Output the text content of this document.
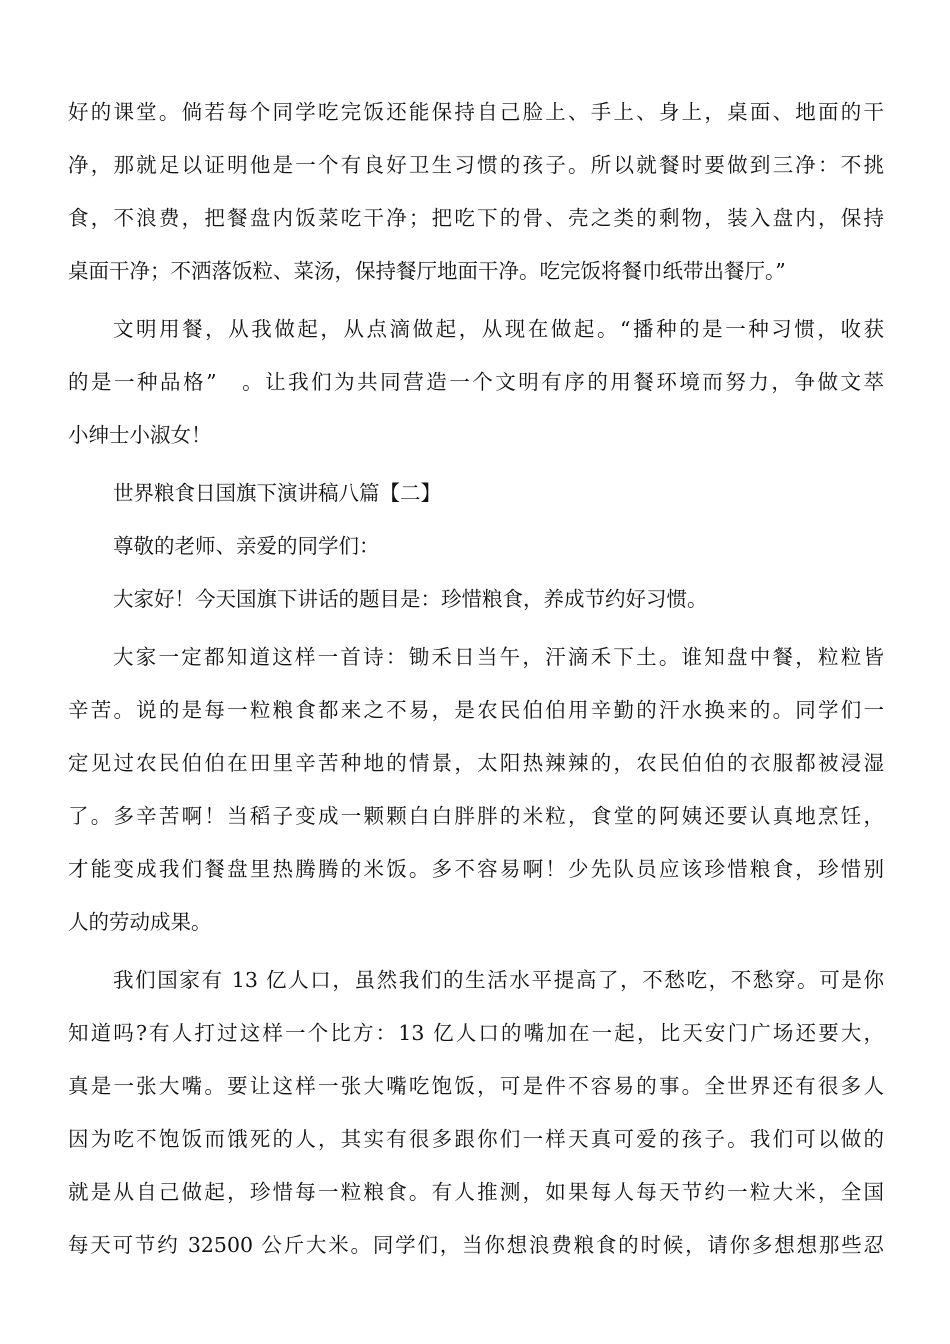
好的课堂。倘若每个同学吃完饭还能保持自己脸上、手上、身上，桌面、地面的干
净，那就足以证明他是一个有良好卫生习惯的孩子。所以就餐时要做到三净：不挑
食，不浪费，把餐盘内饭菜吃干净；把吃下的骨、壳之类的剩物，装入盘内，保持
桌面干净；不洒落饭粒、菜汤，保持餐厅地面干净。吃完饭将餐巾纸带出餐厅。”
文明用餐，从我做起，从点滴做起，从现在做起。“播种的是一种习惯，收获
的是一种品格”　。让我们为共同营造一个文明有序的用餐环境而努力，争做文萃
小绅士小淑女！
世界粮食日国旗下演讲稿八篇【二】
尊敬的老师、亲爱的同学们：
大家好！今天国旗下讲话的题目是：珍惜粮食，养成节约好习惯。
大家一定都知道这样一首诗：锄禾日当午，汗滴禾下土。谁知盘中餐，粒粒皆
辛苦。说的是每一粒粮食都来之不易，是农民伯伯用辛勤的汗水换来的。同学们一
定见过农民伯伯在田里辛苦种地的情景，太阳热辣辣的，农民伯伯的衣服都被浸湿
了。多辛苦啊！当稻子变成一颗颗白白胖胖的米粒，食堂的阿姨还要认真地烹饪，
才能变成我们餐盘里热腾腾的米饭。多不容易啊！少先队员应该珍惜粮食，珍惜别
人的劳动成果。
我们国家有 13 亿人口，虽然我们的生活水平提高了，不愁吃，不愁穿。可是你
知道吗?有人打过这样一个比方：13 亿人口的嘴加在一起，比天安门广场还要大，
真是一张大嘴。要让这样一张大嘴吃饱饭，可是件不容易的事。全世界还有很多人
因为吃不饱饭而饿死的人，其实有很多跟你们一样天真可爱的孩子。我们可以做的
就是从自己做起，珍惜每一粒粮食。有人推测，如果每人每天节约一粒大米，全国
每天可节约 32500 公斤大米。同学们，当你想浪费粮食的时候，请你多想想那些忍
